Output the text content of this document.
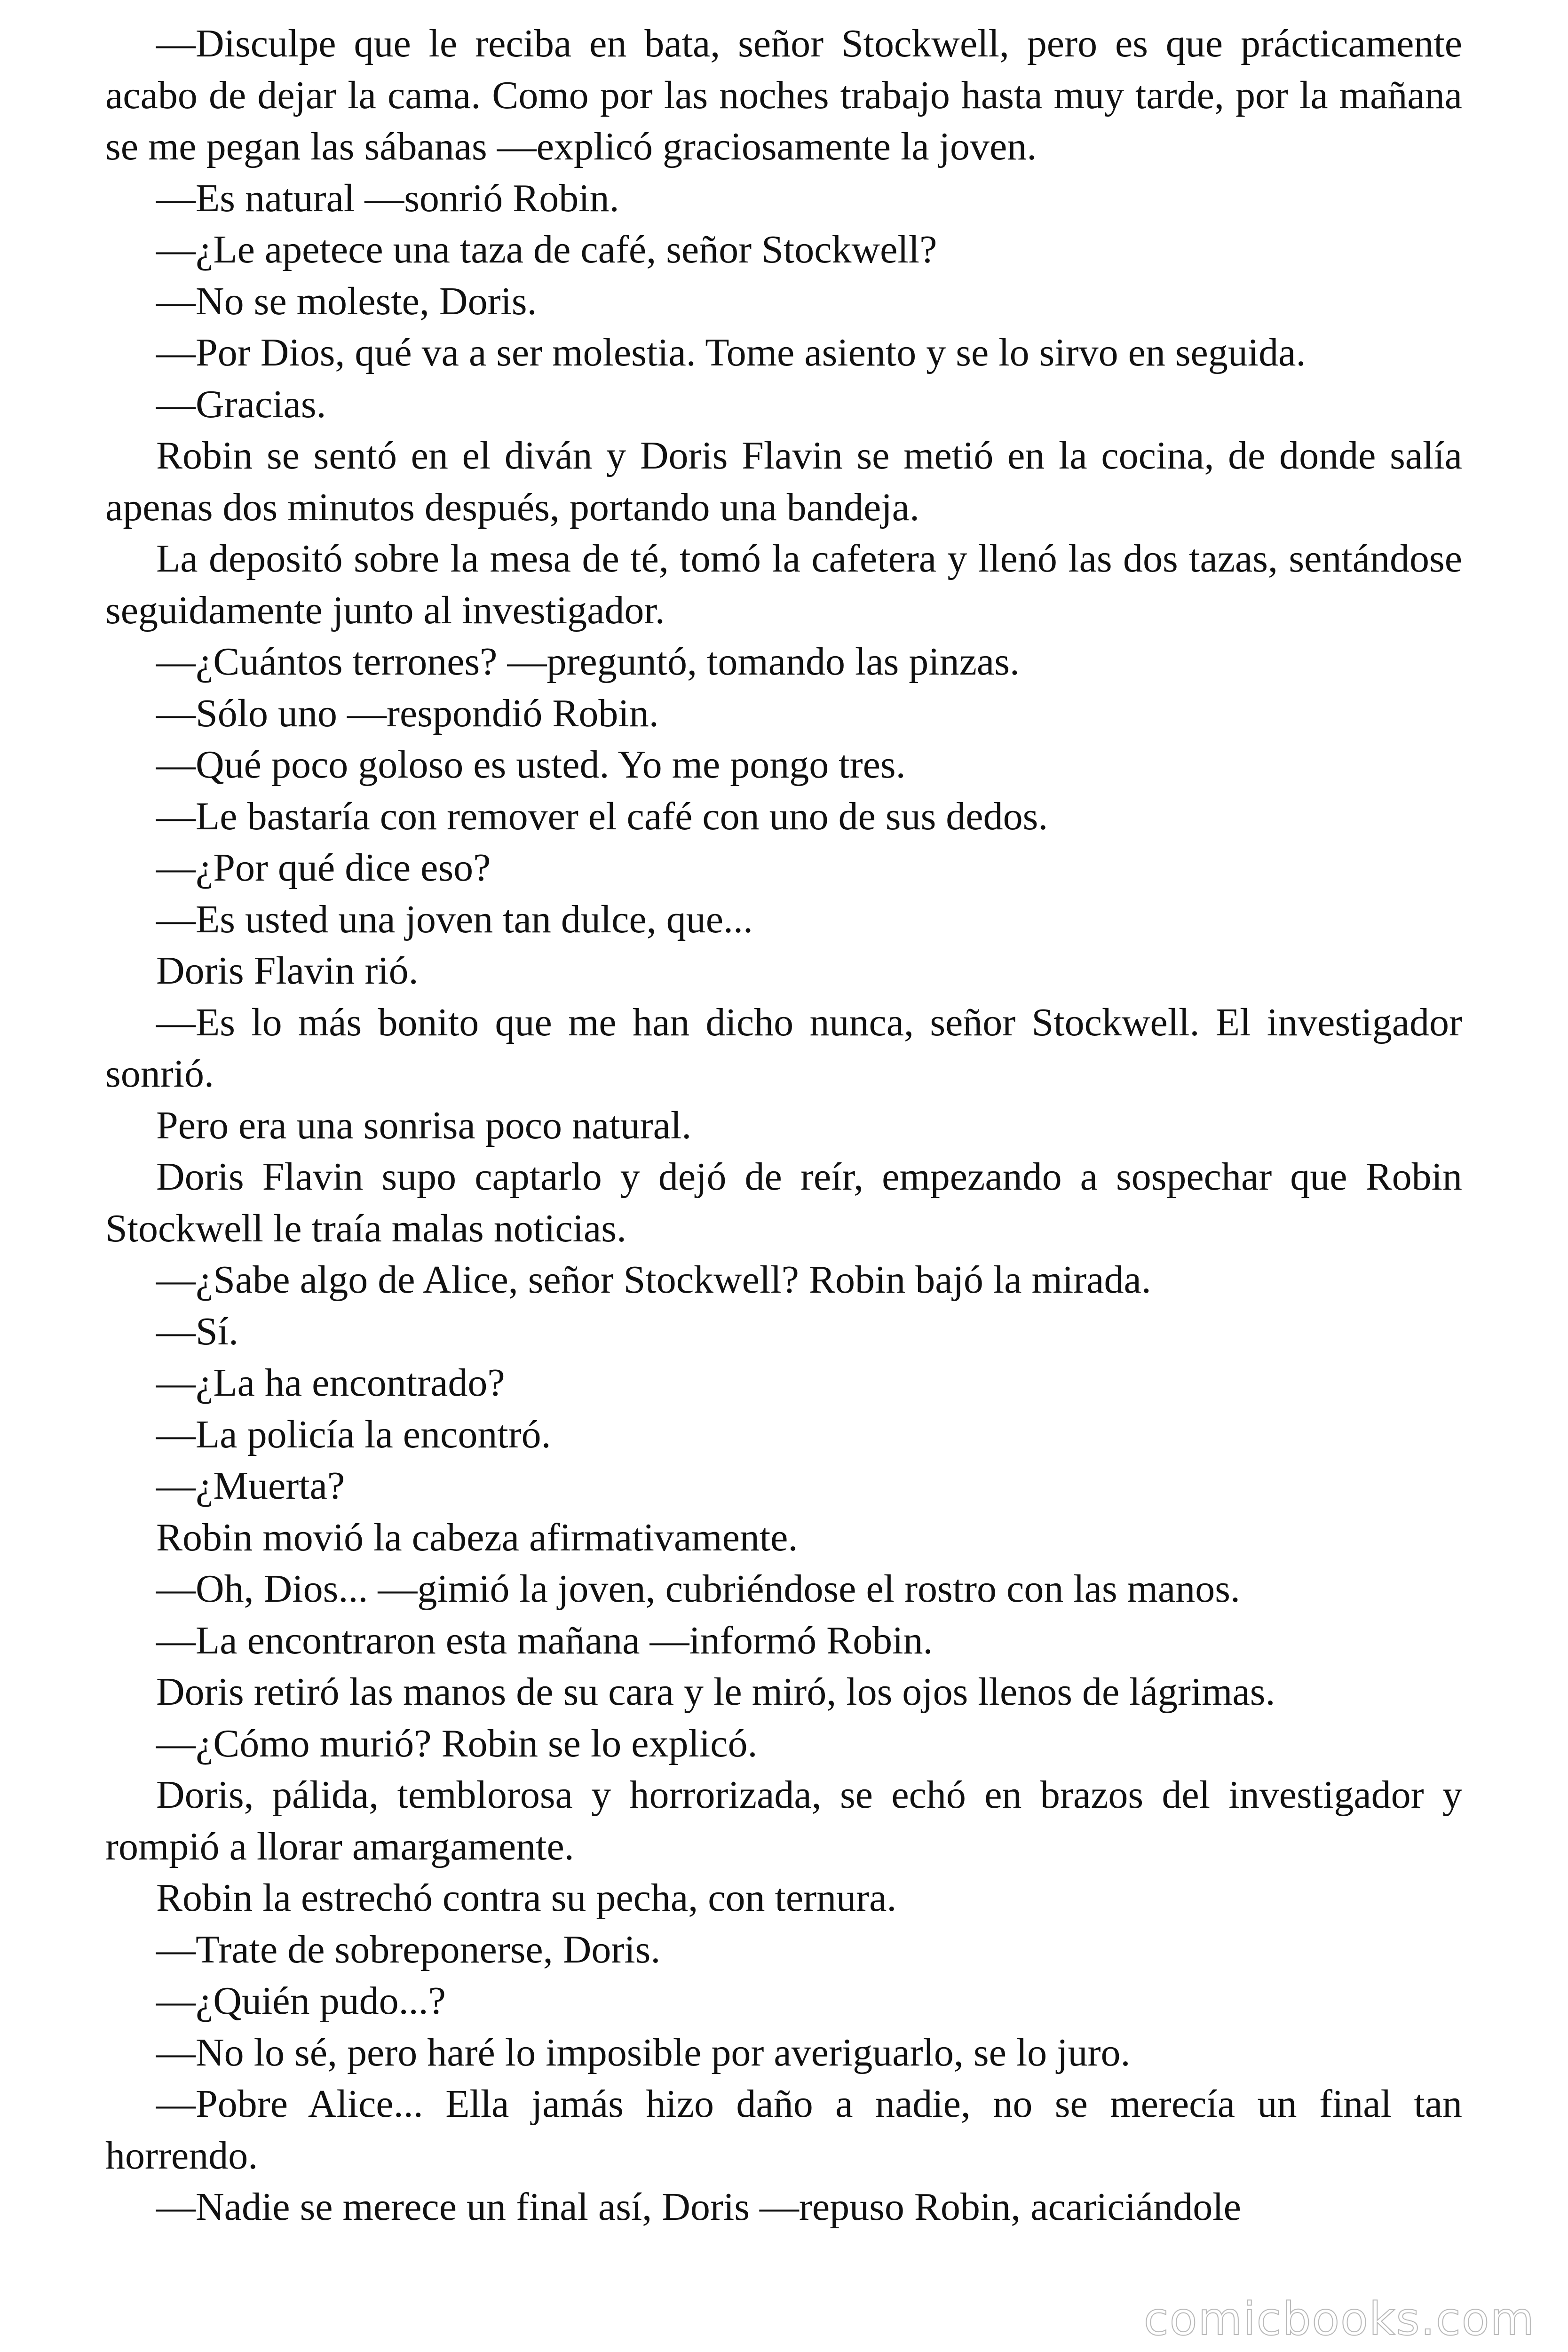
—Disculpe que le reciba en bata, señor Stockwell, pero es que prácticamente acabo de dejar la cama. Como por las noches trabajo hasta muy tarde, por la mañana se me pegan las sábanas —explicó graciosamente la joven.

—Es natural —sonrió Robin.

—¿Le apetece una taza de café, señor Stockwell?

—No se moleste, Doris.

—Por Dios, qué va a ser molestia. Tome asiento y se lo sirvo en seguida.

—Gracias.

Robin se sentó en el diván y Doris Flavin se metió en la cocina, de donde salía apenas dos minutos después, portando una bandeja.

La depositó sobre la mesa de té, tomó la cafetera y llenó las dos tazas, sentándose seguidamente junto al investigador.

—¿Cuántos terrones? —preguntó, tomando las pinzas.

—Sólo uno —respondió Robin.

—Qué poco goloso es usted. Yo me pongo tres.

—Le bastaría con remover el café con uno de sus dedos.

—¿Por qué dice eso?

—Es usted una joven tan dulce, que...

Doris Flavin rió.

—Es lo más bonito que me han dicho nunca, señor Stockwell. El investigador sonrió.

Pero era una sonrisa poco natural.

Doris Flavin supo captarlo y dejó de reír, empezando a sospechar que Robin Stockwell le traía malas noticias.

—¿Sabe algo de Alice, señor Stockwell? Robin bajó la mirada.

—Sí.

—¿La ha encontrado?

—La policía la encontró.

—¿Muerta?

Robin movió la cabeza afirmativamente.

—Oh, Dios... —gimió la joven, cubriéndose el rostro con las manos.

—La encontraron esta mañana —informó Robin.

Doris retiró las manos de su cara y le miró, los ojos llenos de lágrimas.

—¿Cómo murió? Robin se lo explicó.

Doris, pálida, temblorosa y horrorizada, se echó en brazos del investigador y rompió a llorar amargamente.

Robin la estrechó contra su pecha, con ternura.

—Trate de sobreponerse, Doris.

—¿Quién pudo...?

—No lo sé, pero haré lo imposible por averiguarlo, se lo juro.

—Pobre Alice... Ella jamás hizo daño a nadie, no se merecía un final tan horrendo.

—Nadie se merece un final así, Doris —repuso Robin, acariciándole

comicbooks.com
